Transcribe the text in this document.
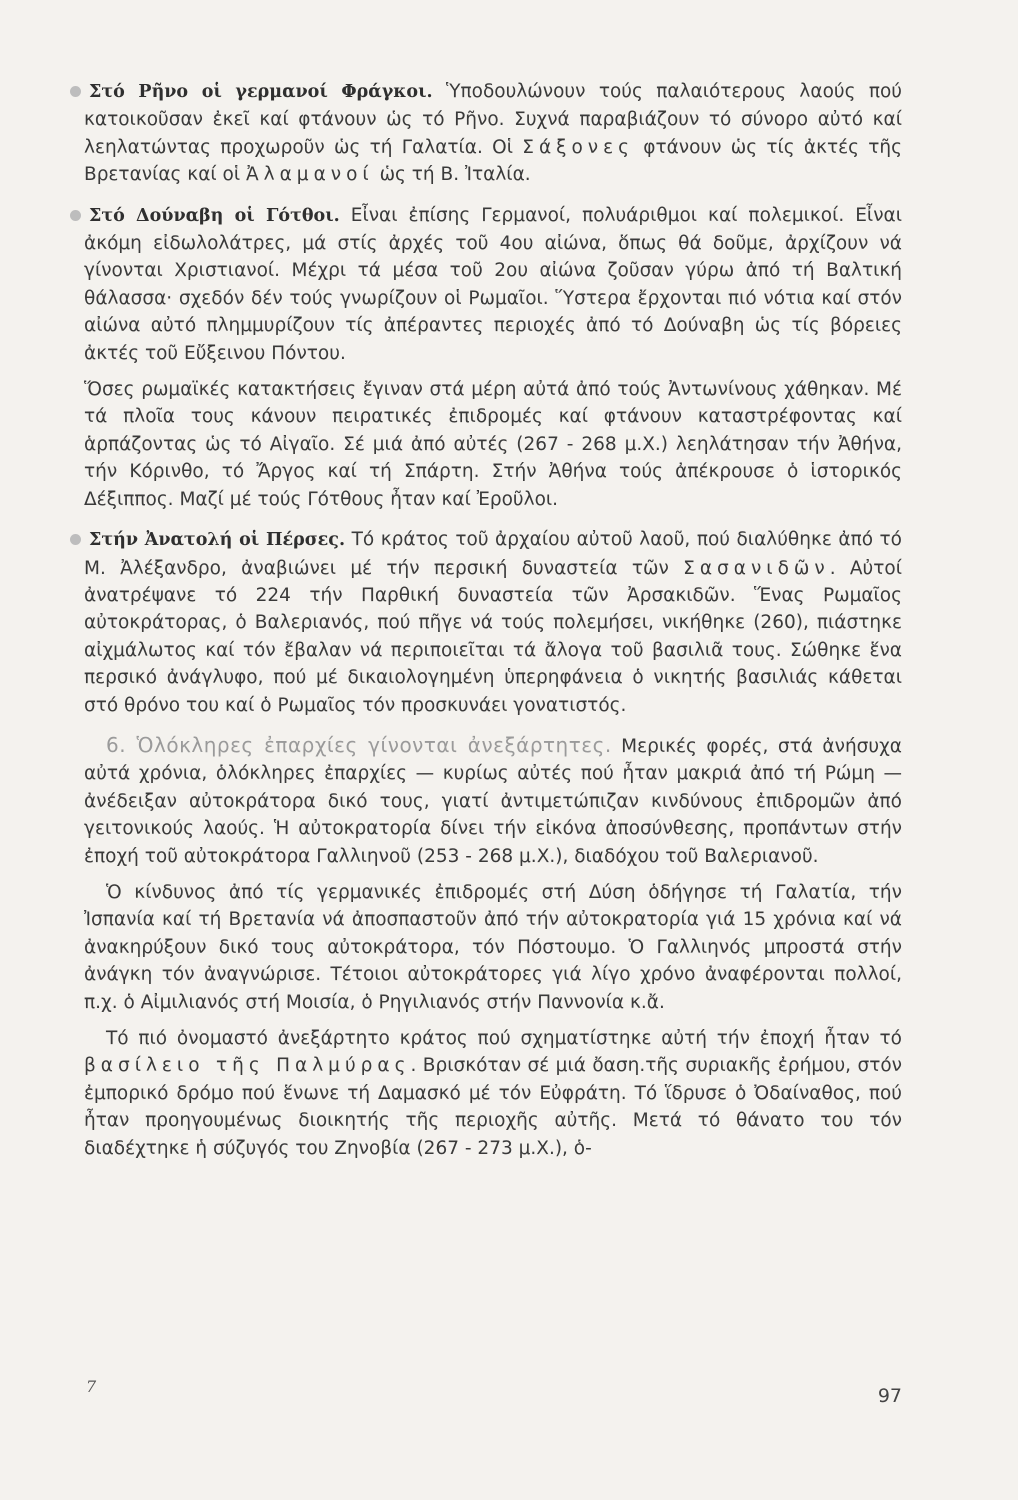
Στό Ρῆνο οἱ γερμανοί Φράγκοι. Ὑποδουλώνουν τούς παλαιότερους λαούς πού κατοικοῦσαν ἐκεῖ καί φτάνουν ὡς τό Ρῆνο. Συχνά παραβιάζουν τό σύνορο αὐτό καί λεηλατώντας προχωροῦν ὡς τή Γαλατία. Οἱ Σάξονες φτάνουν ὡς τίς ἀκτές τῆς Βρετανίας καί οἱ Ἀλαμανοί ὡς τή Β. Ἰταλία.

Στό Δούναβη οἱ Γότθοι. Εἶναι ἐπίσης Γερμανοί, πολυάριθμοι καί πολεμικοί. Εἶναι ἀκόμη εἰδωλολάτρες, μά στίς ἀρχές τοῦ 4ου αἰώνα, ὅπως θά δοῦμε, ἀρχίζουν νά γίνονται Χριστιανοί. Μέχρι τά μέσα τοῦ 2ου αἰώνα ζοῦσαν γύρω ἀπό τή Βαλτική θάλασσα· σχεδόν δέν τούς γνωρίζουν οἱ Ρωμαῖοι. Ὕστερα ἔρχονται πιό νότια καί στόν αἰώνα αὐτό πλημμυρίζουν τίς ἀπέραντες περιοχές ἀπό τό Δούναβη ὡς τίς βόρειες ἀκτές τοῦ Εὔξεινου Πόντου.

Ὅσες ρωμαϊκές κατακτήσεις ἔγιναν στά μέρη αὐτά ἀπό τούς Ἀντωνίνους χάθηκαν. Μέ τά πλοῖα τους κάνουν πειρατικές ἐπιδρομές καί φτάνουν καταστρέφοντας καί ἁρπάζοντας ὡς τό Αἰγαῖο. Σέ μιά ἀπό αὐτές (267 - 268 μ.Χ.) λεηλάτησαν τήν Ἀθήνα, τήν Κόρινθο, τό Ἄργος καί τή Σπάρτη. Στήν Ἀθήνα τούς ἀπέκρουσε ὁ ἱστορικός Δέξιππος. Μαζί μέ τούς Γότθους ἦταν καί Ἐροῦλοι.

Στήν Ἀνατολή οἱ Πέρσες. Τό κράτος τοῦ ἀρχαίου αὐτοῦ λαοῦ, πού διαλύθηκε ἀπό τό Μ. Ἀλέξανδρο, ἀναβιώνει μέ τήν περσική δυναστεία τῶν Σασανιδῶν. Αὐτοί ἀνατρέψανε τό 224 τήν Παρθική δυναστεία τῶν Ἀρσακιδῶν. Ἕνας Ρωμαῖος αὐτοκράτορας, ὁ Βαλεριανός, πού πῆγε νά τούς πολεμήσει, νικήθηκε (260), πιάστηκε αἰχμάλωτος καί τόν ἔβαλαν νά περιποιεῖται τά ἄλογα τοῦ βασιλιᾶ τους. Σώθηκε ἕνα περσικό ἀνάγλυφο, πού μέ δικαιολογημένη ὑπερηφάνεια ὁ νικητής βασιλιάς κάθεται στό θρόνο του καί ὁ Ρωμαῖος τόν προσκυνάει γονατιστός.

6. Ὁλόκληρες ἐπαρχίες γίνονται ἀνεξάρτητες. Μερικές φορές, στά ἀνήσυχα αὐτά χρόνια, ὁλόκληρες ἐπαρχίες — κυρίως αὐτές πού ἦταν μακριά ἀπό τή Ρώμη — ἀνέδειξαν αὐτοκράτορα δικό τους, γιατί ἀντιμετώπιζαν κινδύνους ἐπιδρομῶν ἀπό γειτονικούς λαούς. Ἡ αὐτοκρατορία δίνει τήν εἰκόνα ἀποσύνθεσης, προπάντων στήν ἐποχή τοῦ αὐτοκράτορα Γαλλιηνοῦ (253 - 268 μ.Χ.), διαδόχου τοῦ Βαλεριανοῦ.

Ὁ κίνδυνος ἀπό τίς γερμανικές ἐπιδρομές στή Δύση ὁδήγησε τή Γαλατία, τήν Ἰσπανία καί τή Βρετανία νά ἀποσπαστοῦν ἀπό τήν αὐτοκρατορία γιά 15 χρόνια καί νά ἀνακηρύξουν δικό τους αὐτοκράτορα, τόν Πόστουμο. Ὁ Γαλλιηνός μπροστά στήν ἀνάγκη τόν ἀναγνώρισε. Τέτοιοι αὐτοκράτορες γιά λίγο χρόνο ἀναφέρονται πολλοί, π.χ. ὁ Αἰμιλιανός στή Μοισία, ὁ Ρηγιλιανός στήν Παννονία κ.ἄ.

Τό πιό ὀνομαστό ἀνεξάρτητο κράτος πού σχηματίστηκε αὐτή τήν ἐποχή ἦταν τό βασίλειο τῆς Παλμύρας. Βρισκόταν σέ μιά ὄαση.τῆς συριακῆς ἐρήμου, στόν ἐμπορικό δρόμο πού ἕνωνε τή Δαμασκό μέ τόν Εὐφράτη. Τό ἵδρυσε ὁ Ὀδαίναθος, πού ἦταν προηγουμένως διοικητής τῆς περιοχῆς αὐτῆς. Μετά τό θάνατο του τόν διαδέχτηκε ἡ σύζυγός του Ζηνοβία (267 - 273 μ.Χ.), ὁ-

7	97
